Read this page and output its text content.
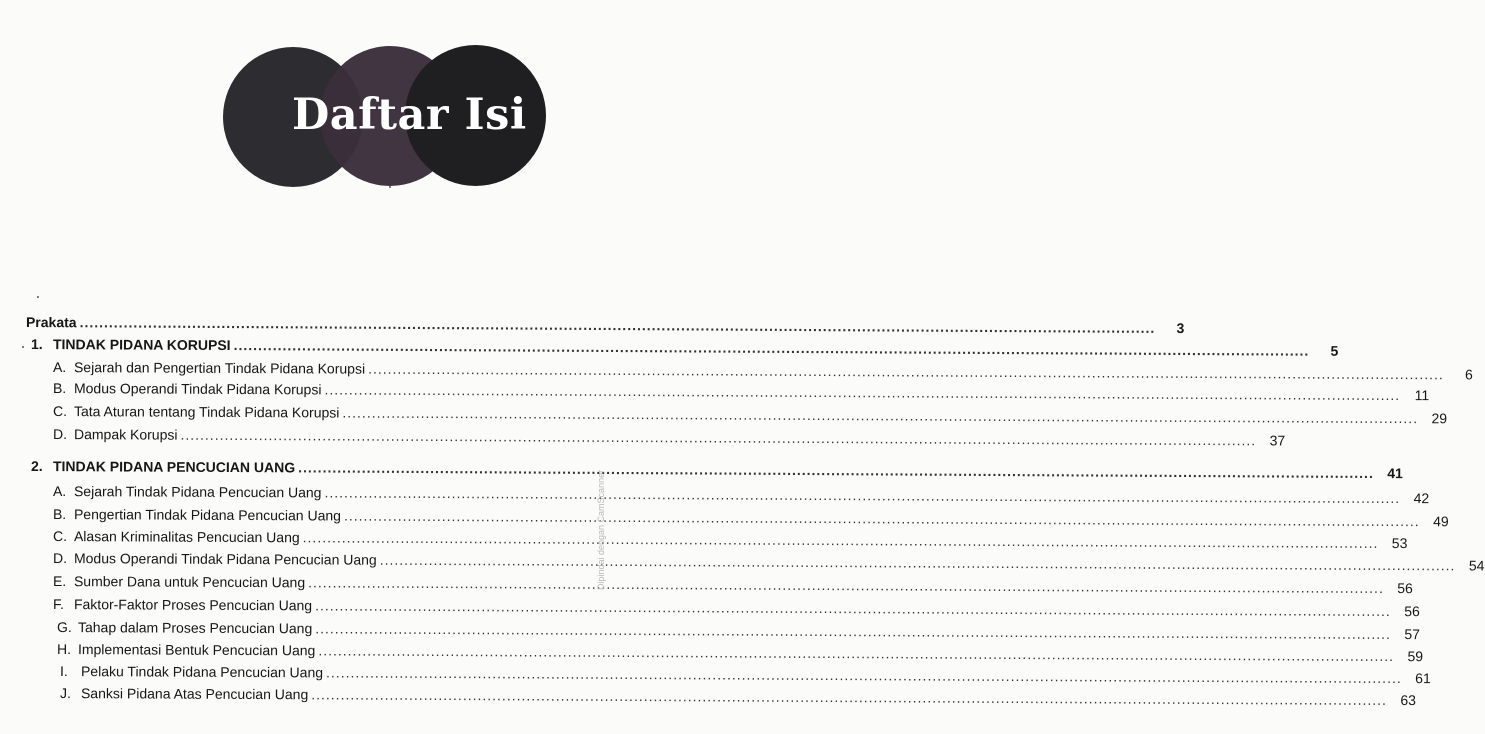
Daftar Isi
Prakata ............................................................................................................................................................................................................................	3
1. TINDAK PIDANA KORUPSI ............................................................................................................................................................................................................................	5
A. Sejarah dan Pengertian Tindak Pidana Korupsi ............................................................................................................................................................................................................................	6
B. Modus Operandi Tindak Pidana Korupsi ............................................................................................................................................................................................................................	11
C. Tata Aturan tentang Tindak Pidana Korupsi ............................................................................................................................................................................................................................ 29
D. Dampak Korupsi ............................................................................................................................................................................................................................ 37
2. TINDAK PIDANA PENCUCIAN UANG ............................................................................................................................................................................................................................ 41
A. Sejarah Tindak Pidana Pencucian Uang ............................................................................................................................................................................................................................ 42
B. Pengertian Tindak Pidana Pencucian Uang ............................................................................................................................................................................................................................ 49
C. Alasan Kriminalitas Pencucian Uang ............................................................................................................................................................................................................................ 53
D. Modus Operandi Tindak Pidana Pencucian Uang ............................................................................................................................................................................................................................ 54
E. Sumber Dana untuk Pencucian Uang ............................................................................................................................................................................................................................ 56
F. Faktor-Faktor Proses Pencucian Uang ............................................................................................................................................................................................................................ 56
G. Tahap dalam Proses Pencucian Uang ............................................................................................................................................................................................................................ 57
H. Implementasi Bentuk Pencucian Uang ............................................................................................................................................................................................................................ 59
I. Pelaku Tindak Pidana Pencucian Uang ............................................................................................................................................................................................................................ 61
J. Sanksi Pidana Atas Pencucian Uang ............................................................................................................................................................................................................................ 63
Dipindai dengan CamScanner
